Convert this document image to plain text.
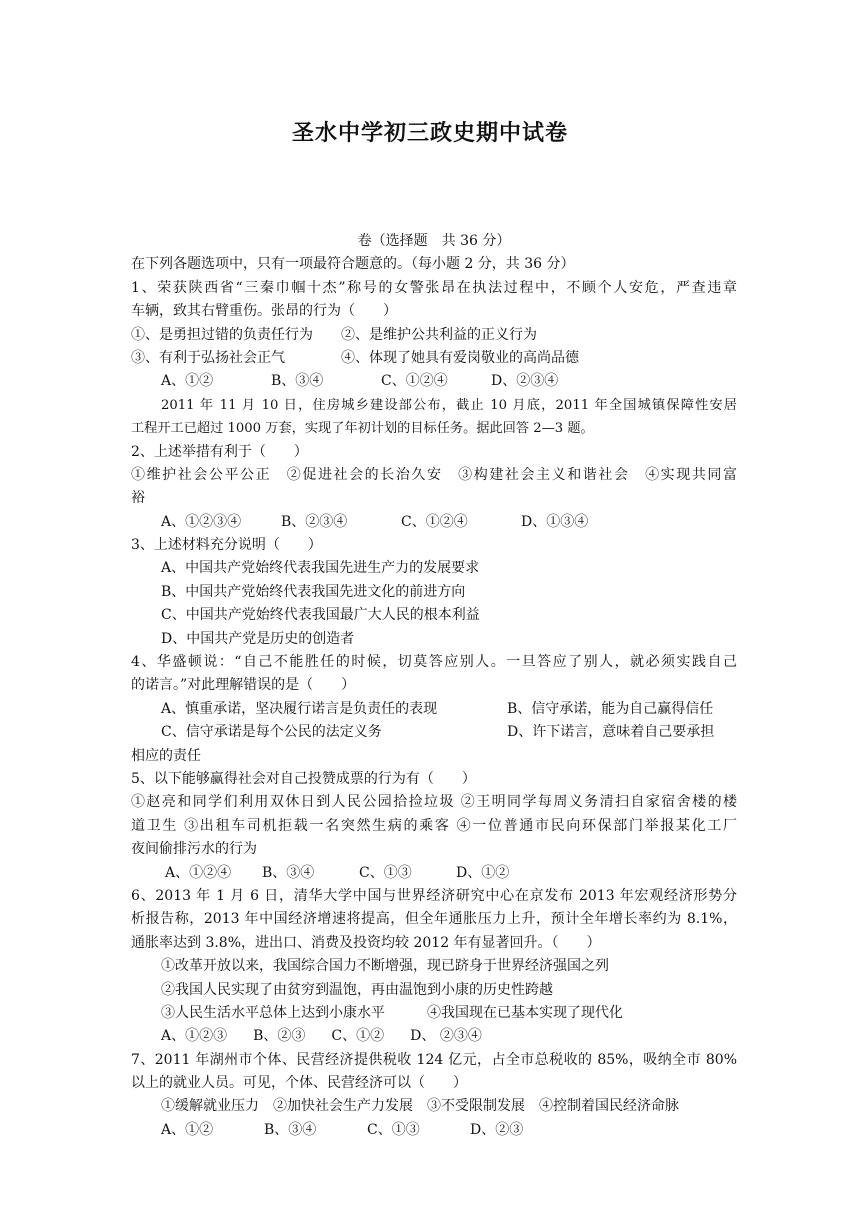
圣水中学初三政史期中试卷
卷（选择题　共 36 分）
在下列各题选项中，只有一项最符合题意的。（每小题 2 分，共 36 分）
1、荣获陕西省“三秦巾帼十杰”称号的女警张昂在执法过程中，不顾个人安危，严查违章
车辆，致其右臂重伤。张昂的行为（　　）
①、是勇担过错的负责任行为　　②、是维护公共利益的正义行为
③、有利于弘扬社会正气　　　　④、体现了她具有爱岗敬业的高尚品德
A、①②	B、③④	C、①②④	D、②③④
2011 年 11 月 10 日，住房城乡建设部公布，截止 10 月底，2011 年全国城镇保障性安居
工程开工已超过 1000 万套，实现了年初计划的目标任务。据此回答 2—3 题。
2、上述举措有利于（　　）
①维护社会公平公正　②促进社会的长治久安　③构建社会主义和谐社会　④实现共同富
裕
A、①②③④	B、②③④	C、①②④	D、①③④
3、上述材料充分说明（　　）
A、中国共产党始终代表我国先进生产力的发展要求
B、中国共产党始终代表我国先进文化的前进方向
C、中国共产党始终代表我国最广大人民的根本利益
D、中国共产党是历史的创造者
4、华盛顿说：“自己不能胜任的时候，切莫答应别人。一旦答应了别人，就必须实践自己
的诺言。”对此理解错误的是（　　）
A、慎重承诺，坚决履行诺言是负责任的表现	B、信守承诺，能为自己赢得信任
C、信守承诺是每个公民的法定义务	D、许下诺言，意味着自己要承担
相应的责任
5、以下能够赢得社会对自己投赞成票的行为有（　　）
①赵亮和同学们利用双休日到人民公园拾捡垃圾 ②王明同学每周义务清扫自家宿舍楼的楼
道卫生 ③出租车司机拒载一名突然生病的乘客 ④一位普通市民向环保部门举报某化工厂
夜间偷排污水的行为
A、①②④ B、③④	C、①③	D、①②
6、2013 年 1 月 6 日，清华大学中国与世界经济研究中心在京发布 2013 年宏观经济形势分
析报告称，2013 年中国经济增速将提高，但全年通胀压力上升，预计全年增长率约为 8.1%，
通胀率达到 3.8%，进出口、消费及投资均较 2012 年有显著回升。（　　）
①改革开放以来，我国综合国力不断增强，现已跻身于世界经济强国之列
②我国人民实现了由贫穷到温饱，再由温饱到小康的历史性跨越
③人民生活水平总体上达到小康水平　　　④我国现在已基本实现了现代化
A、①②③ B、②③ C、①② D、 ②③④
7、2011 年湖州市个体、民营经济提供税收 124 亿元，占全市总税收的 85%，吸纳全市 80%
以上的就业人员。可见，个体、民营经济可以（　　）
①缓解就业压力　②加快社会生产力发展　③不受限制发展　④控制着国民经济命脉
A、①②	B、③④	C、①③	D、②③
